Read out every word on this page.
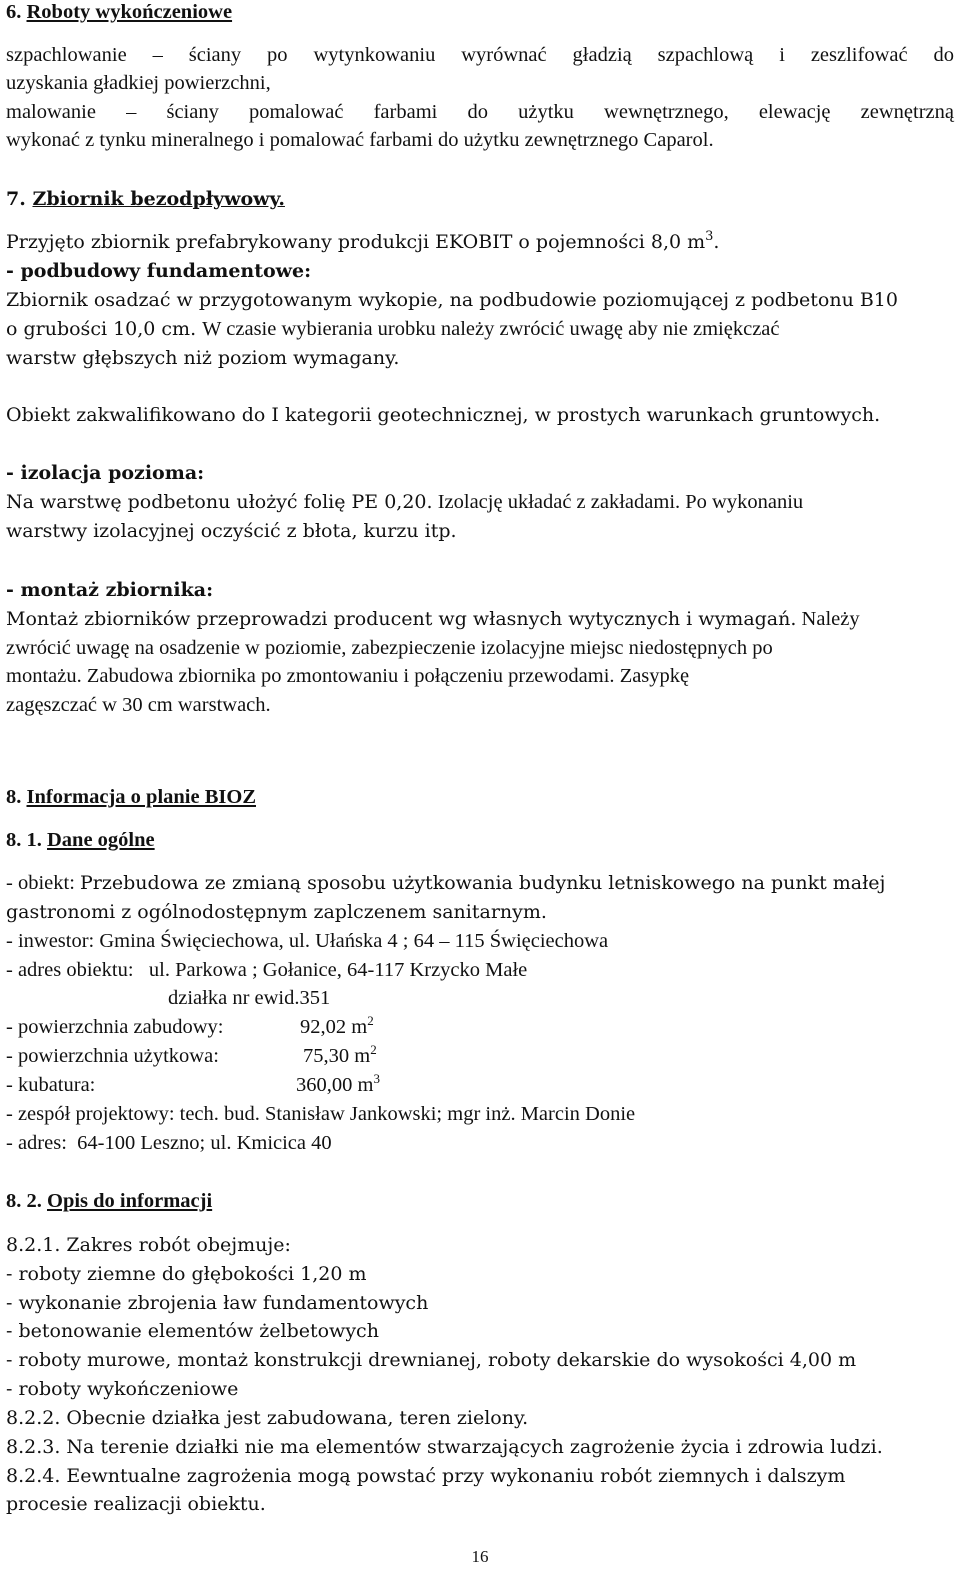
6. Roboty wykończeniowe
szpachlowanie – ściany po wytynkowaniu wyrównać gładzią szpachlową i zeszlifować do
uzyskania gładkiej powierzchni,
malowanie – ściany pomalować farbami do użytku wewnętrznego, elewację zewnętrzną
wykonać z tynku mineralnego i pomalować farbami do użytku zewnętrznego Caparol.
7. Zbiornik bezodpływowy.
Przyjęto zbiornik prefabrykowany produkcji EKOBIT o pojemności 8,0 $m^3$.
- podbudowy fundamentowe:
Zbiornik osadzać w przygotowanym wykopie, na podbudowie poziomującej z podbetonu B10
o grubości 10,0 cm. W czasie wybierania urobku należy zwrócić uwagę aby nie zmiękczać
warstw głębszych niż poziom wymagany.
Obiekt zakwalifikowano do I kategorii geotechnicznej, w prostych warunkach gruntowych.
- izolacja pozioma:
Na warstwę podbetonu ułożyć folię PE 0,20. Izolację układać z zakładami. Po wykonaniu
warstwy izolacyjnej oczyścić z błota, kurzu itp.
- montaż zbiornika:
Montaż zbiorników przeprowadzi producent wg własnych wytycznych i wymagań. Należy
zwrócić uwagę na osadzenie w poziomie, zabezpieczenie izolacyjne miejsc niedostępnych po
montażu. Zabudowa zbiornika po zmontowaniu i połączeniu przewodami. Zasypkę
zagęszczać w 30 cm warstwach.
8. Informacja o planie BIOZ
8. 1. Dane ogólne
- obiekt: Przebudowa ze zmianą sposobu użytkowania budynku letniskowego na punkt małej
gastronomi z ogólnodostępnym zaplczenem sanitarnym.
- inwestor: Gmina Święciechowa, ul. Ułańska 4 ; 64 – 115 Święciechowa
- adres obiektu: ul. Parkowa ; Gołanice, 64-117 Krzycko Małe
działka nr ewid.351
- powierzchnia zabudowy:	92,02 $m^2$
- powierzchnia użytkowa:	75,30 $m^2$
- kubatura:	360,00 $m^3$
- zespół projektowy: tech. bud. Stanisław Jankowski; mgr inż. Marcin Donie
- adres: 64-100 Leszno; ul. Kmicica 40
8. 2. Opis do informacji
8.2.1. Zakres robót obejmuje:
- roboty ziemne do głębokości 1,20 m
- wykonanie zbrojenia ław fundamentowych
- betonowanie elementów żelbetowych
- roboty murowe, montaż konstrukcji drewnianej, roboty dekarskie do wysokości 4,00 m
- roboty wykończeniowe
8.2.2. Obecnie działka jest zabudowana, teren zielony.
8.2.3. Na terenie działki nie ma elementów stwarzających zagrożenie życia i zdrowia ludzi.
8.2.4. Eewntualne zagrożenia mogą powstać przy wykonaniu robót ziemnych i dalszym
procesie realizacji obiektu.
16
